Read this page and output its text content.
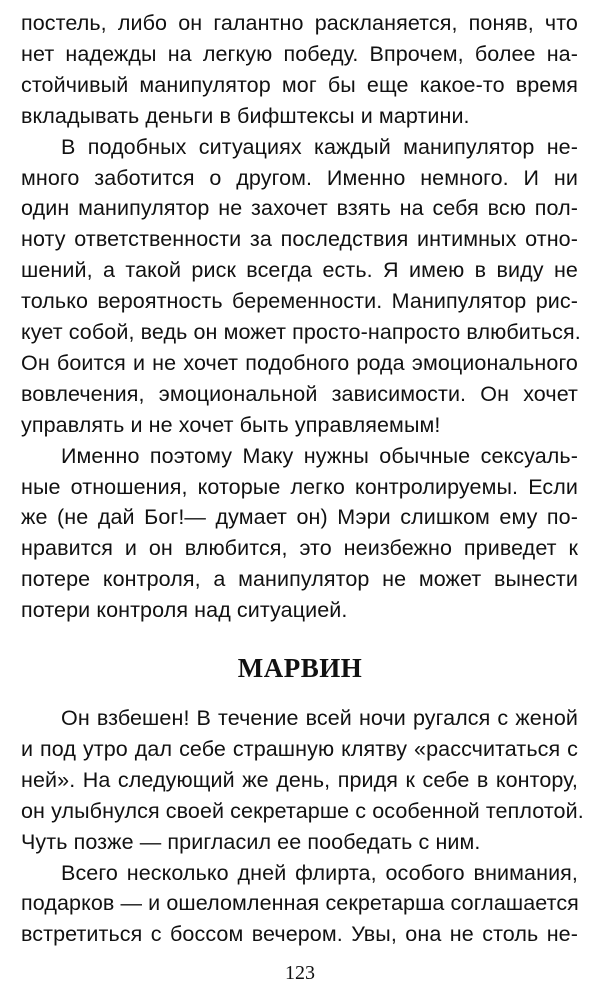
постель, либо он галантно раскланяется, поняв, что
нет надежды на легкую победу. Впрочем, более на-
стойчивый манипулятор мог бы еще какое-то время
вкладывать деньги в бифштексы и мартини.
В подобных ситуациях каждый манипулятор не-
много заботится о другом. Именно немного. И ни
один манипулятор не захочет взять на себя всю пол-
ноту ответственности за последствия интимных отно-
шений, а такой риск всегда есть. Я имею в виду не
только вероятность беременности. Манипулятор рис-
кует собой, ведь он может просто-напросто влюбиться.
Он боится и не хочет подобного рода эмоционального
вовлечения, эмоциональной зависимости. Он хочет
управлять и не хочет быть управляемым!
Именно поэтому Маку нужны обычные сексуаль-
ные отношения, которые легко контролируемы. Если
же (не дай Бог!— думает он) Мэри слишком ему по-
нравится и он влюбится, это неизбежно приведет к
потере контроля, а манипулятор не может вынести
потери контроля над ситуацией.
МАРВИН
Он взбешен! В течение всей ночи ругался с женой
и под утро дал себе страшную клятву «рассчитаться с
ней». На следующий же день, придя к себе в контору,
он улыбнулся своей секретарше с особенной теплотой.
Чуть позже — пригласил ее пообедать с ним.
Всего несколько дней флирта, особого внимания,
подарков — и ошеломленная секретарша соглашается
встретиться с боссом вечером. Увы, она не столь не-
123
